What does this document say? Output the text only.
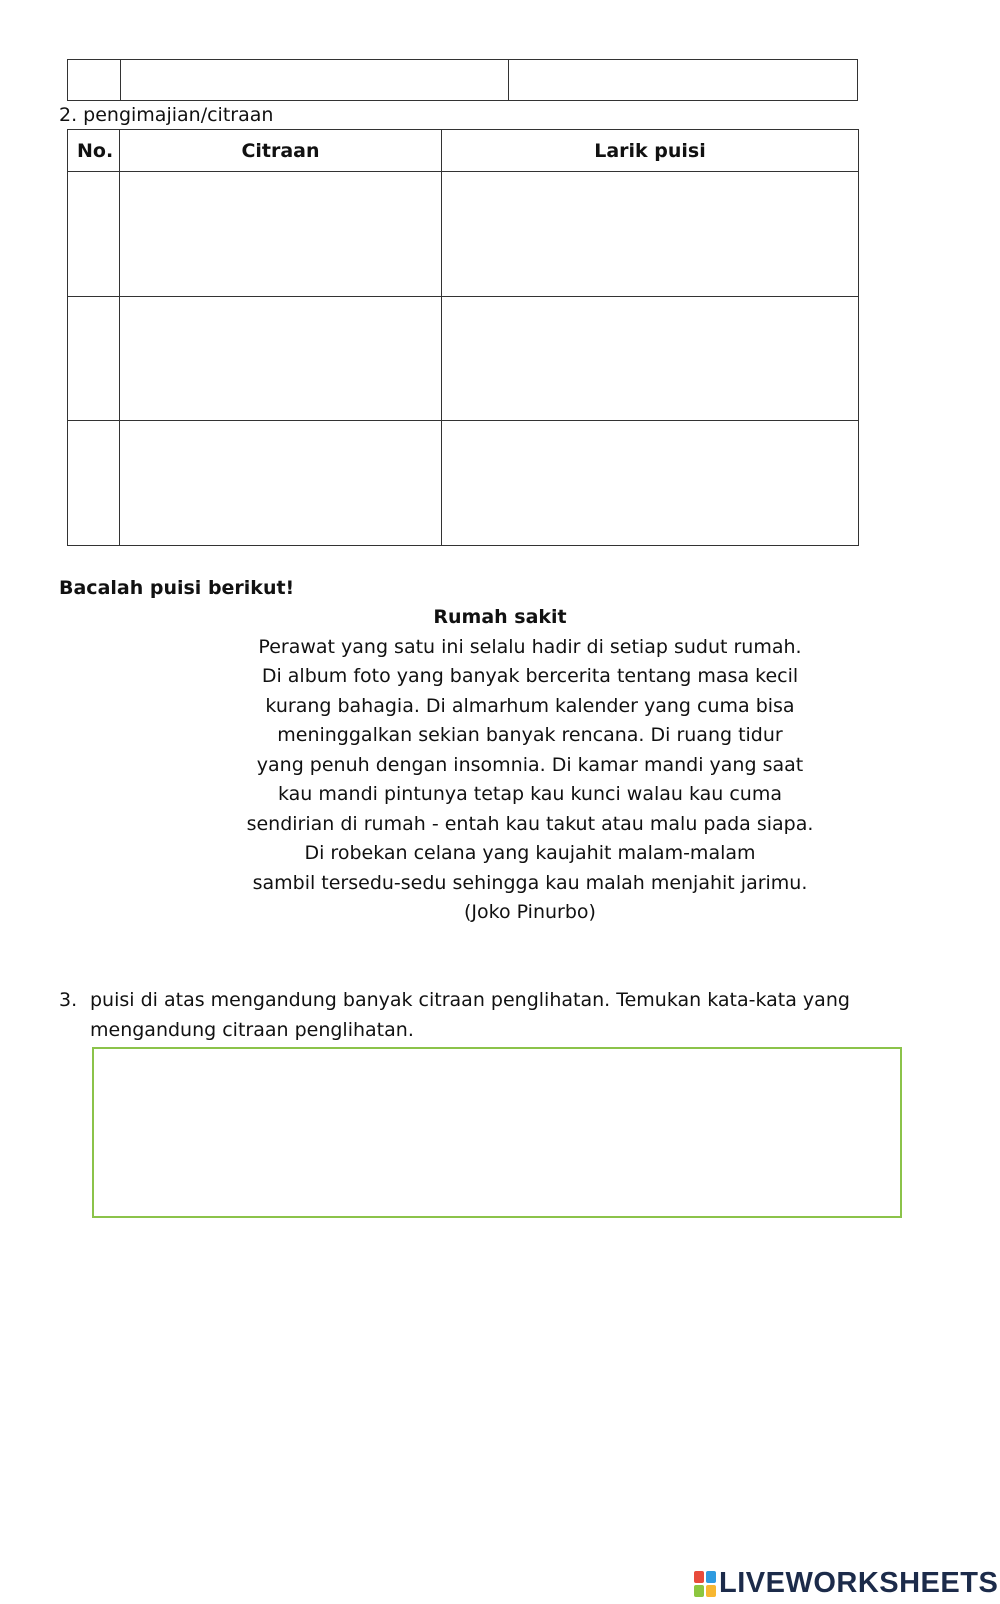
2. pengimajian/citraan
No.	Citraan	Larik puisi

Bacalah puisi berikut!
Rumah sakit
Perawat yang satu ini selalu hadir di setiap sudut rumah.
Di album foto yang banyak bercerita tentang masa kecil
kurang bahagia. Di almarhum kalender yang cuma bisa
meninggalkan sekian banyak rencana. Di ruang tidur
yang penuh dengan insomnia. Di kamar mandi yang saat
kau mandi pintunya tetap kau kunci walau kau cuma
sendirian di rumah - entah kau takut atau malu pada siapa.
Di robekan celana yang kaujahit malam-malam
sambil tersedu-sedu sehingga kau malah menjahit jarimu.
(Joko Pinurbo)
3. puisi di atas mengandung banyak citraan penglihatan. Temukan kata-kata yang mengandung citraan penglihatan.
LIVEWORKSHEETS
